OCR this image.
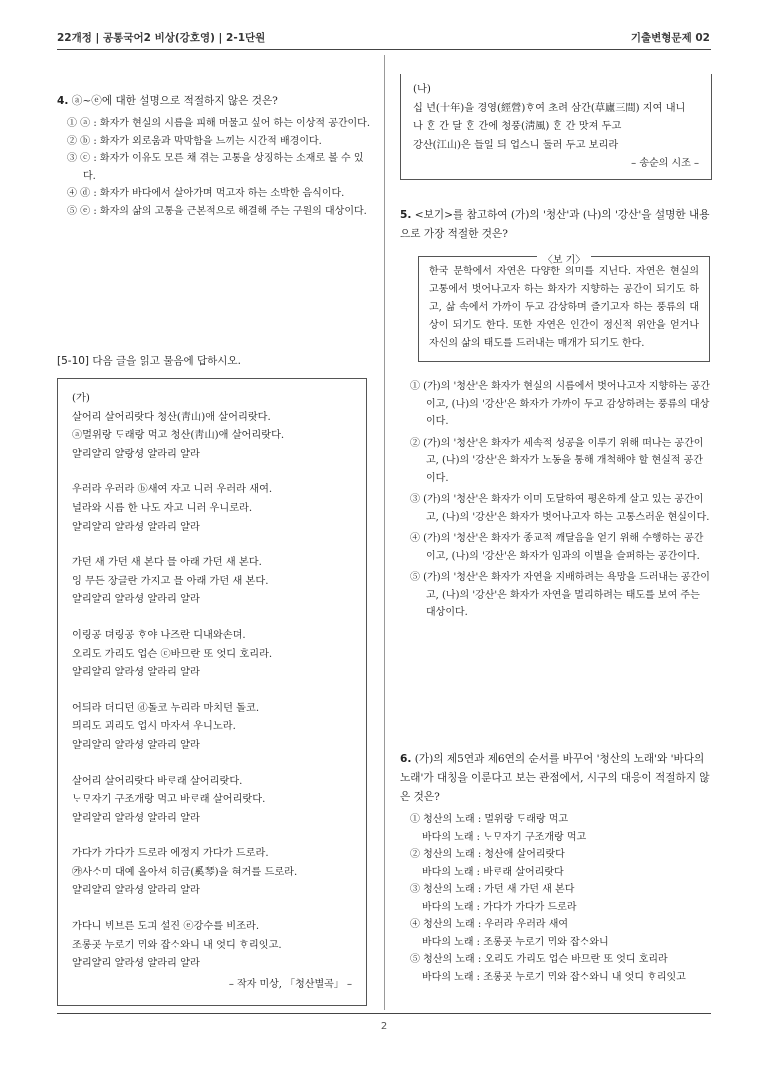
22개정 | 공통국어2 비상(강호영) | 2-1단원	기출변형문제 02
4. ⓐ~ⓔ에 대한 설명으로 적절하지 않은 것은?
① ⓐ : 화자가 현실의 시름을 피해 머물고 싶어 하는 이상적 공간이다.
② ⓑ : 화자가 외로움과 막막함을 느끼는 시간적 배경이다.
③ ⓒ : 화자가 이유도 모른 채 겪는 고통을 상징하는 소재로 볼 수 있다.
④ ⓓ : 화자가 바다에서 살아가며 먹고자 하는 소박한 음식이다.
⑤ ⓔ : 화자의 삶의 고통을 근본적으로 해결해 주는 구원의 대상이다.
[5-10] 다음 글을 읽고 물음에 답하시오.
(가)
살어리 살어리랏다 청산(靑山)애 살어리랏다.
ⓐ멀위랑 ᄃᆞ래랑 먹고 청산(靑山)애 살어리랏다.
얄리얄리 얄랑셩 얄라리 얄라
우러라 우러라 ⓑ새여 자고 니러 우러라 새여.
널라와 시름 한 나도 자고 니러 우니로라.
얄리얄리 얄라셩 얄라리 얄라
가던 새 가던 새 본다 믈 아래 가던 새 본다.
잉 무든 장글란 가지고 믈 아래 가던 새 본다.
얄리얄리 얄라셩 얄라리 얄라
이링공 뎌링공 ᄒᆞ야 나즈란 디내와손뎌.
오리도 가리도 업슨 ⓒ바므란 또 엇디 호리라.
얄리얄리 얄라셩 얄라리 얄라
어듸라 더디던 ⓓ돌코 누리라 마치던 돌코.
믜리도 괴리도 업시 마자셔 우니노라.
얄리얄리 얄라셩 얄라리 얄라
살어리 살어리랏다 바ᄅᆞ래 살어리랏다.
ᄂᆞᄆᆞ자기 구조개랑 먹고 바ᄅᆞ래 살어리랏다.
얄리얄리 얄라셩 얄라리 얄라
가다가 가다가 드로라 에정지 가다가 드로라.
㉮사ᄉᆞ미 대예 올아셔 히금(奚琴)을 혀거를 드로라.
얄리얄리 얄라셩 얄라리 얄라
가다니 ᄇᆡ브른 도긔 설진 ⓔ강수를 비조라.
조롱곳 누로기 ᄆᆡ와 잡ᄉᆞ와니 내 엇디 ᄒᆞ리잇고.
얄리얄리 얄라셩 얄라리 얄라
– 작자 미상, 「청산별곡」 –
(나)
십 년(十年)을 경영(經營)ᄒᆞ여 초려 삼간(草廬三間) 지여 내니
나 ᄒᆞᆫ 간 달 ᄒᆞᆫ 간에 청풍(淸風) ᄒᆞᆫ 간 맛져 두고
강산(江山)은 들일 듸 업스니 둘러 두고 보리라
– 송순의 시조 –
5. <보기>를 참고하여 (가)의 '청산'과 (나)의 '강산'을 설명한 내용으로 가장 적절한 것은?
〈보 기〉
한국 문학에서 자연은 다양한 의미를 지닌다. 자연은 현실의 고통에서 벗어나고자 하는 화자가 지향하는 공간이 되기도 하고, 삶 속에서 가까이 두고 감상하며 즐기고자 하는 풍류의 대상이 되기도 한다. 또한 자연은 인간이 정신적 위안을 얻거나 자신의 삶의 태도를 드러내는 매개가 되기도 한다.
① (가)의 '청산'은 화자가 현실의 시름에서 벗어나고자 지향하는 공간이고, (나)의 '강산'은 화자가 가까이 두고 감상하려는 풍류의 대상이다.
② (가)의 '청산'은 화자가 세속적 성공을 이루기 위해 떠나는 공간이고, (나)의 '강산'은 화자가 노동을 통해 개척해야 할 현실적 공간이다.
③ (가)의 '청산'은 화자가 이미 도달하여 평온하게 살고 있는 공간이고, (나)의 '강산'은 화자가 벗어나고자 하는 고통스러운 현실이다.
④ (가)의 '청산'은 화자가 종교적 깨달음을 얻기 위해 수행하는 공간이고, (나)의 '강산'은 화자가 임과의 이별을 슬퍼하는 공간이다.
⑤ (가)의 '청산'은 화자가 자연을 지배하려는 욕망을 드러내는 공간이고, (나)의 '강산'은 화자가 자연을 멀리하려는 태도를 보여 주는 대상이다.
6. (가)의 제5연과 제6연의 순서를 바꾸어 '청산의 노래'와 '바다의 노래'가 대칭을 이룬다고 보는 관점에서, 시구의 대응이 적절하지 않은 것은?
① 청산의 노래 : 멀위랑 ᄃᆞ래랑 먹고
바다의 노래 : ᄂᆞᄆᆞ자기 구조개랑 먹고
② 청산의 노래 : 청산애 살어리랏다
바다의 노래 : 바ᄅᆞ래 살어리랏다
③ 청산의 노래 : 가던 새 가던 새 본다
바다의 노래 : 가다가 가다가 드로라
④ 청산의 노래 : 우러라 우러라 새여
바다의 노래 : 조롱곳 누로기 ᄆᆡ와 잡ᄉᆞ와니
⑤ 청산의 노래 : 오리도 가리도 업슨 바므란 또 엇디 호리라
바다의 노래 : 조롱곳 누로기 ᄆᆡ와 잡ᄉᆞ와니 내 엇디 ᄒᆞ리잇고
2
